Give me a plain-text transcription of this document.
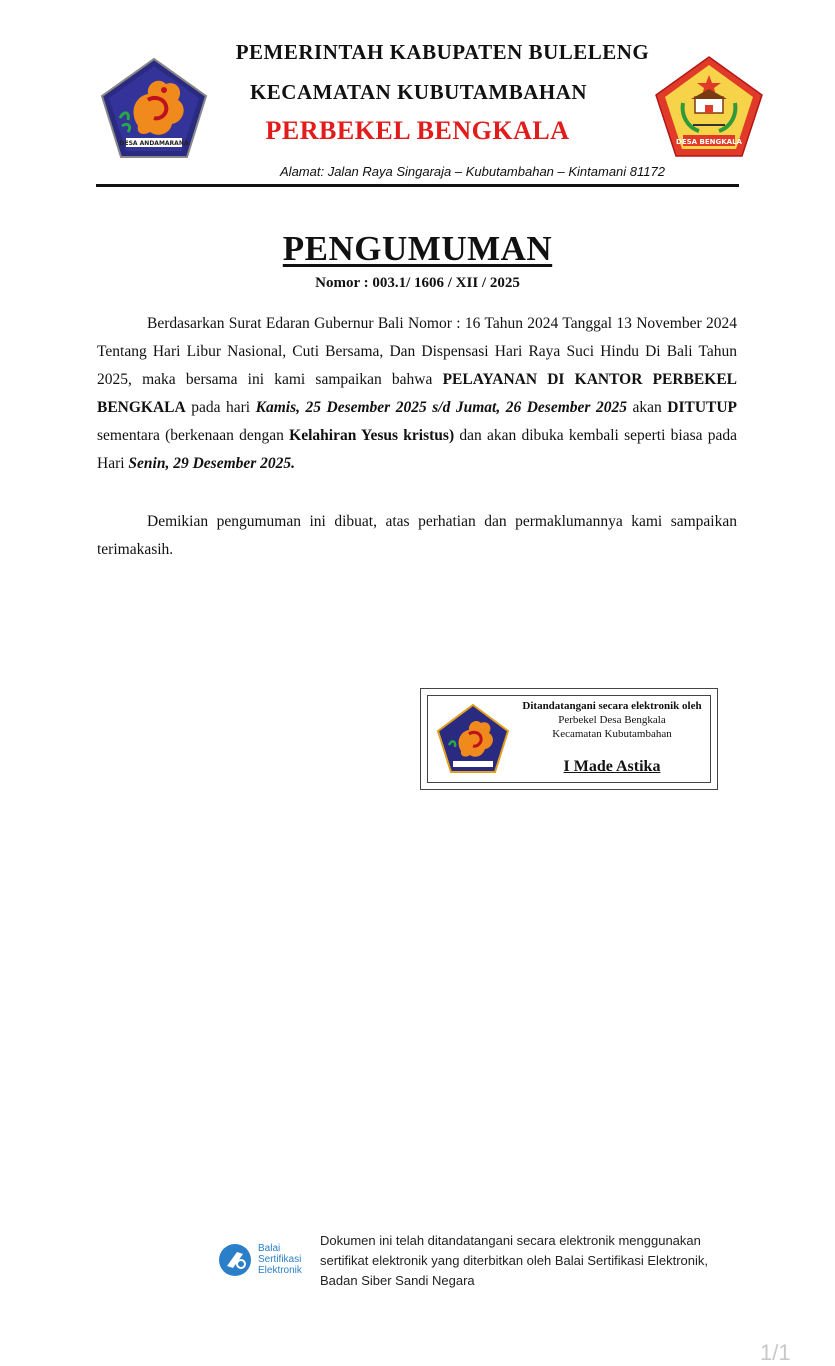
DESA ANDAMARANA	DESA BENGKALA
PEMERINTAH KABUPATEN BULELENG
KECAMATAN KUBUTAMBAHAN
PERBEKEL BENGKALA
Alamat: Jalan Raya Singaraja – Kubutambahan – Kintamani 81172
PENGUMUMAN
Nomor : 003.1/ 1606 / XII / 2025
Berdasarkan Surat Edaran Gubernur Bali Nomor : 16 Tahun 2024 Tanggal 13 November 2024 Tentang Hari Libur Nasional, Cuti Bersama, Dan Dispensasi Hari Raya Suci Hindu Di Bali Tahun 2025, maka bersama ini kami sampaikan bahwa PELAYANAN DI KANTOR PERBEKEL BENGKALA pada hari Kamis, 25 Desember 2025 s/d Jumat, 26 Desember 2025 akan DITUTUP sementara (berkenaan dengan Kelahiran Yesus kristus) dan akan dibuka kembali seperti biasa pada Hari Senin, 29 Desember 2025.
Demikian pengumuman ini dibuat, atas perhatian dan permaklumannya kami sampaikan terimakasih.
Ditandatangani secara elektronik oleh
Perbekel Desa Bengkala
Kecamatan Kubutambahan
I Made Astika
Balai
Sertifikasi
Elektronik
Dokumen ini telah ditandatangani secara elektronik menggunakan
sertifikat elektronik yang diterbitkan oleh Balai Sertifikasi Elektronik,
Badan Siber Sandi Negara
1/1
